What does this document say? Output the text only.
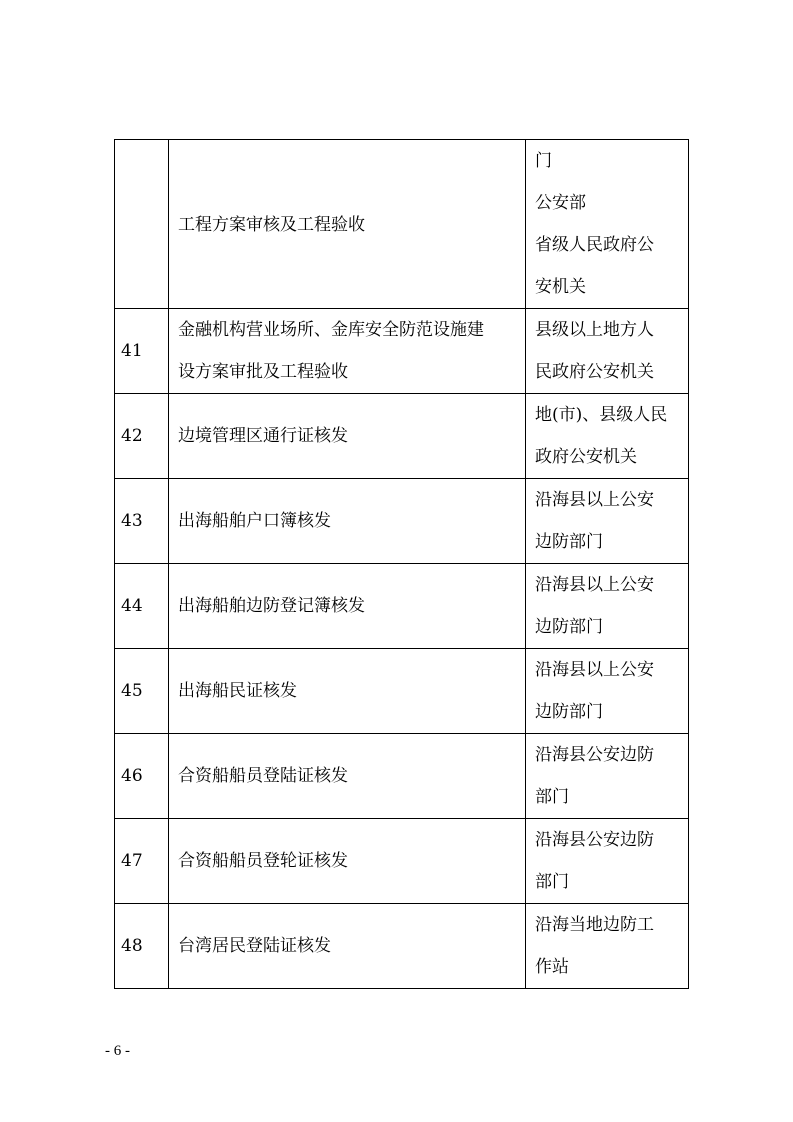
	工程方案审核及工程验收	门
公安部
省级人民政府公
安机关

41	金融机构营业场所、金库安全防范设施建
设方案审批及工程验收	县级以上地方人
民政府公安机关

42	边境管理区通行证核发	地(市)、县级人民
政府公安机关

43	出海船舶户口簿核发	沿海县以上公安
边防部门

44	出海船舶边防登记簿核发	沿海县以上公安
边防部门

45	出海船民证核发	沿海县以上公安
边防部门

46	合资船船员登陆证核发	沿海县公安边防
部门

47	合资船船员登轮证核发	沿海县公安边防
部门

48	台湾居民登陆证核发	沿海当地边防工
作站
- 6 -
